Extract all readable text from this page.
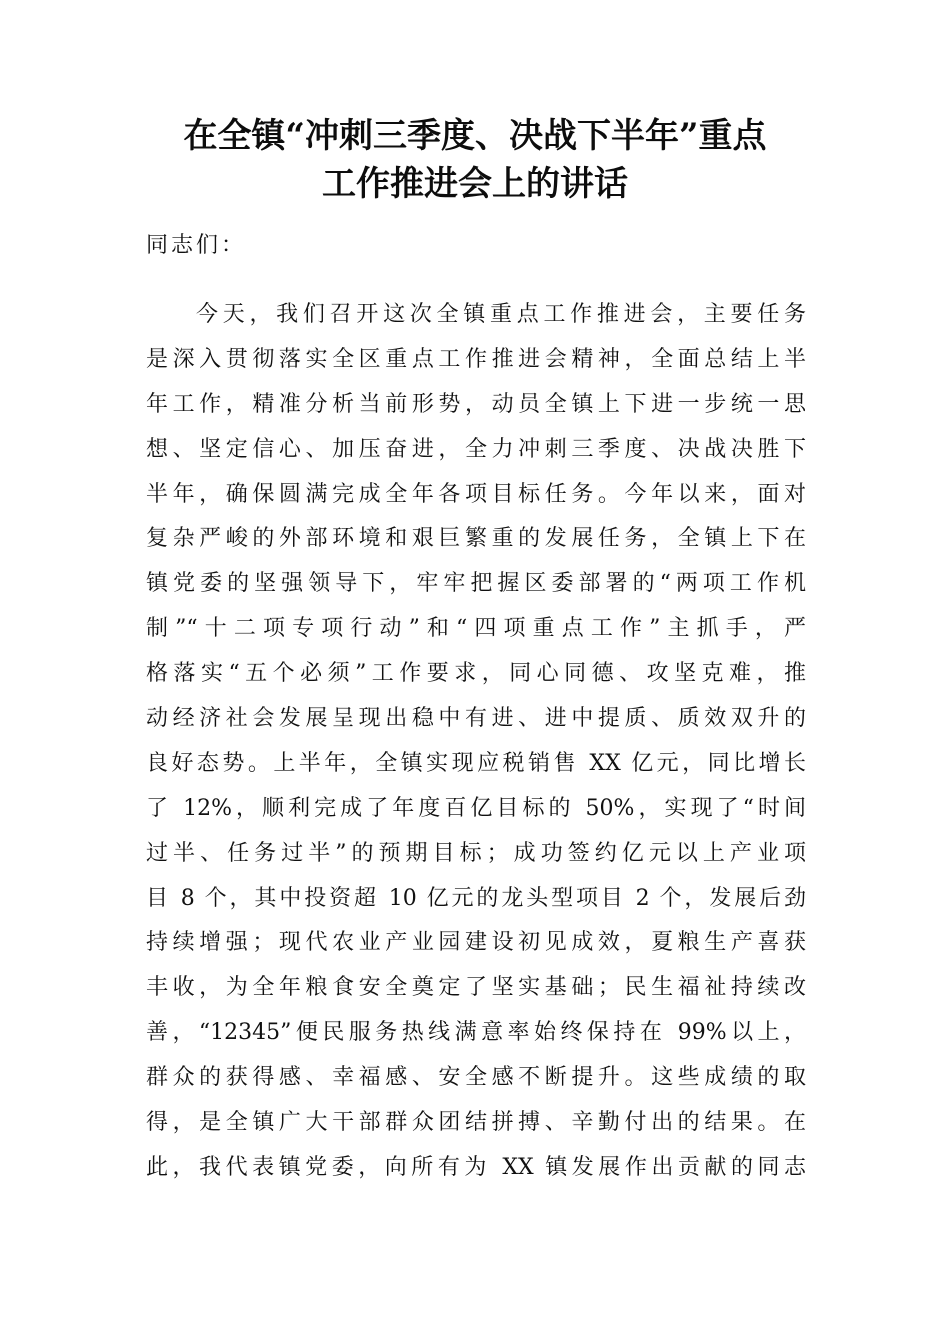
在全镇“冲刺三季度、决战下半年”重点
工作推进会上的讲话
同志们：
今天，我们召开这次全镇重点工作推进会，主要任务
是深入贯彻落实全区重点工作推进会精神，全面总结上半
年工作，精准分析当前形势，动员全镇上下进一步统一思
想、坚定信心、加压奋进，全力冲刺三季度、决战决胜下
半年，确保圆满完成全年各项目标任务。今年以来，面对
复杂严峻的外部环境和艰巨繁重的发展任务，全镇上下在
镇党委的坚强领导下，牢牢把握区委部署的“两项工作机
制”“十二项专项行动”和“四项重点工作”主抓手，严
格落实“五个必须”工作要求，同心同德、攻坚克难，推
动经济社会发展呈现出稳中有进、进中提质、质效双升的
良好态势。上半年，全镇实现应税销售 XX 亿元，同比增长
了 12%，顺利完成了年度百亿目标的 50%，实现了“时间
过半、任务过半”的预期目标；成功签约亿元以上产业项
目 8 个，其中投资超 10 亿元的龙头型项目 2 个，发展后劲
持续增强；现代农业产业园建设初见成效，夏粮生产喜获
丰收，为全年粮食安全奠定了坚实基础；民生福祉持续改
善，“12345”便民服务热线满意率始终保持在 99%以上，
群众的获得感、幸福感、安全感不断提升。这些成绩的取
得，是全镇广大干部群众团结拼搏、辛勤付出的结果。在
此，我代表镇党委，向所有为 XX 镇发展作出贡献的同志
